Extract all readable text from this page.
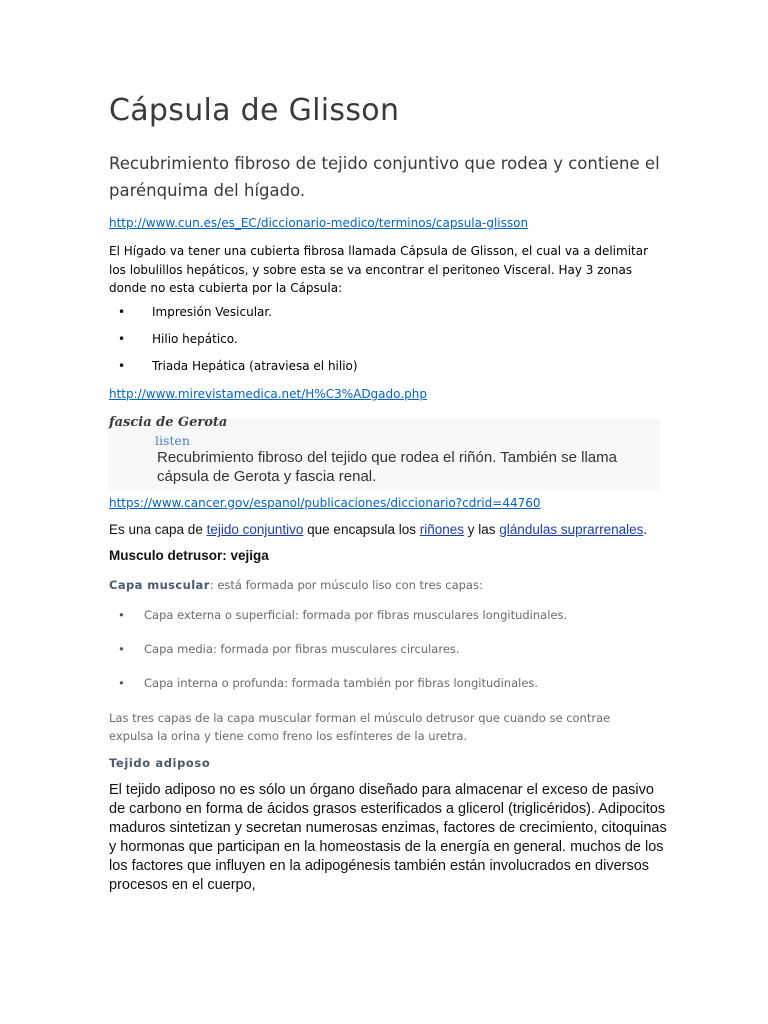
Cápsula de Glisson
Recubrimiento fibroso de tejido conjuntivo que rodea y contiene el parénquima del hígado.
http://www.cun.es/es_EC/diccionario-medico/terminos/capsula-glisson
El Hígado va tener una cubierta fibrosa llamada Cápsula de Glisson, el cual va a delimitar los lobulillos hepáticos, y sobre esta se va encontrar el peritoneo Visceral. Hay 3 zonas donde no esta cubierta por la Cápsula:
• Impresión Vesicular.
• Hilio hepático.
• Triada Hepática (atraviesa el hilio)
http://www.mirevistamedica.net/H%C3%ADgado.php
fascia de Gerota
listen
Recubrimiento fibroso del tejido que rodea el riñón. También se llama cápsula de Gerota y fascia renal.
https://www.cancer.gov/espanol/publicaciones/diccionario?cdrid=44760
Es una capa de tejido conjuntivo que encapsula los riñones y las glándulas suprarrenales.
Musculo detrusor: vejiga
Capa muscular: está formada por músculo liso con tres capas:
• Capa externa o superficial: formada por fibras musculares longitudinales.
• Capa media: formada por fibras musculares circulares.
• Capa interna o profunda: formada también por fibras longitudinales.
Las tres capas de la capa muscular forman el músculo detrusor que cuando se contrae expulsa la orina y tiene como freno los esfínteres de la uretra.
Tejido adiposo
El tejido adiposo no es sólo un órgano diseñado para almacenar el exceso de pasivo de carbono en forma de ácidos grasos esterificados a glicerol (triglicéridos). Adipocitos maduros sintetizan y secretan numerosas enzimas, factores de crecimiento, citoquinas y hormonas que participan en la homeostasis de la energía en general. muchos de los los factores que influyen en la adipogénesis también están involucrados en diversos procesos en el cuerpo,
